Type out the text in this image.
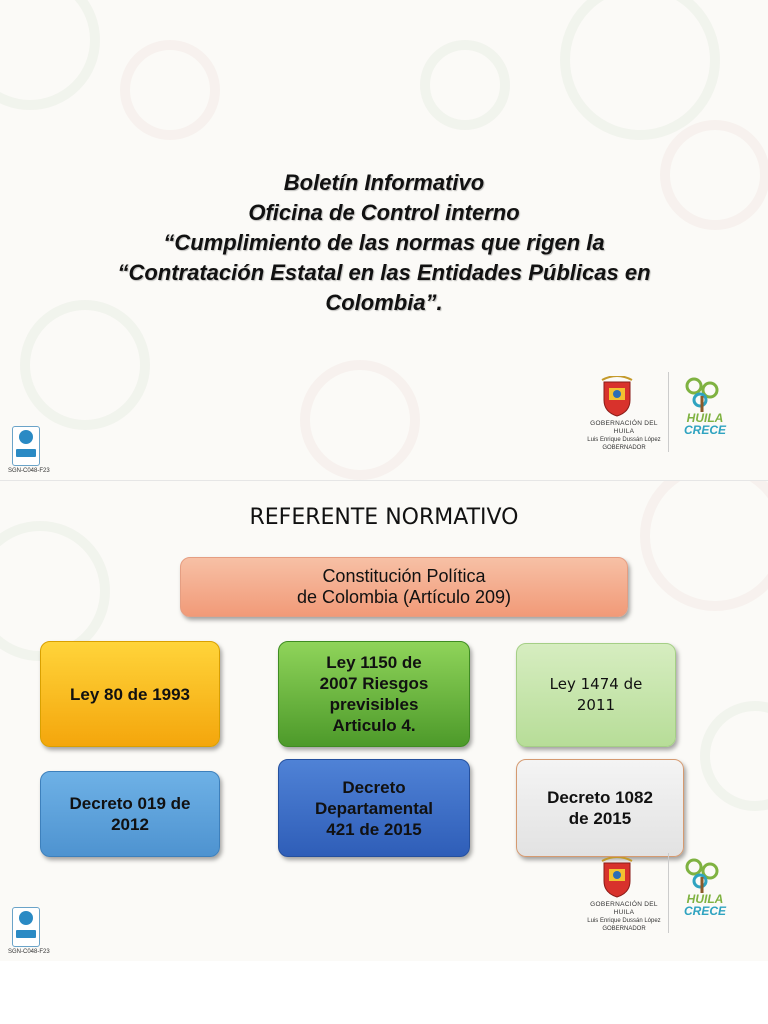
Boletín Informativo
Oficina de Control interno
“Cumplimiento de las normas que rigen la
“Contratación Estatal en las Entidades Públicas en
Colombia”.
SGN-C048-F23
GOBERNACIÓN DEL HUILA
Luis Enrique Dussán López
GOBERNADOR
HUILA
CRECE
REFERENTE NORMATIVO
Constitución Política
de Colombia (Artículo 209)
Ley 80 de 1993
Ley 1150 de
2007 Riesgos
previsibles
Articulo 4.
Ley 1474 de
2011
Decreto 019 de
2012
Decreto
Departamental
421 de 2015
Decreto 1082
de 2015
SGN-C048-F23
GOBERNACIÓN DEL HUILA
Luis Enrique Dussán López
GOBERNADOR
HUILA
CRECE
